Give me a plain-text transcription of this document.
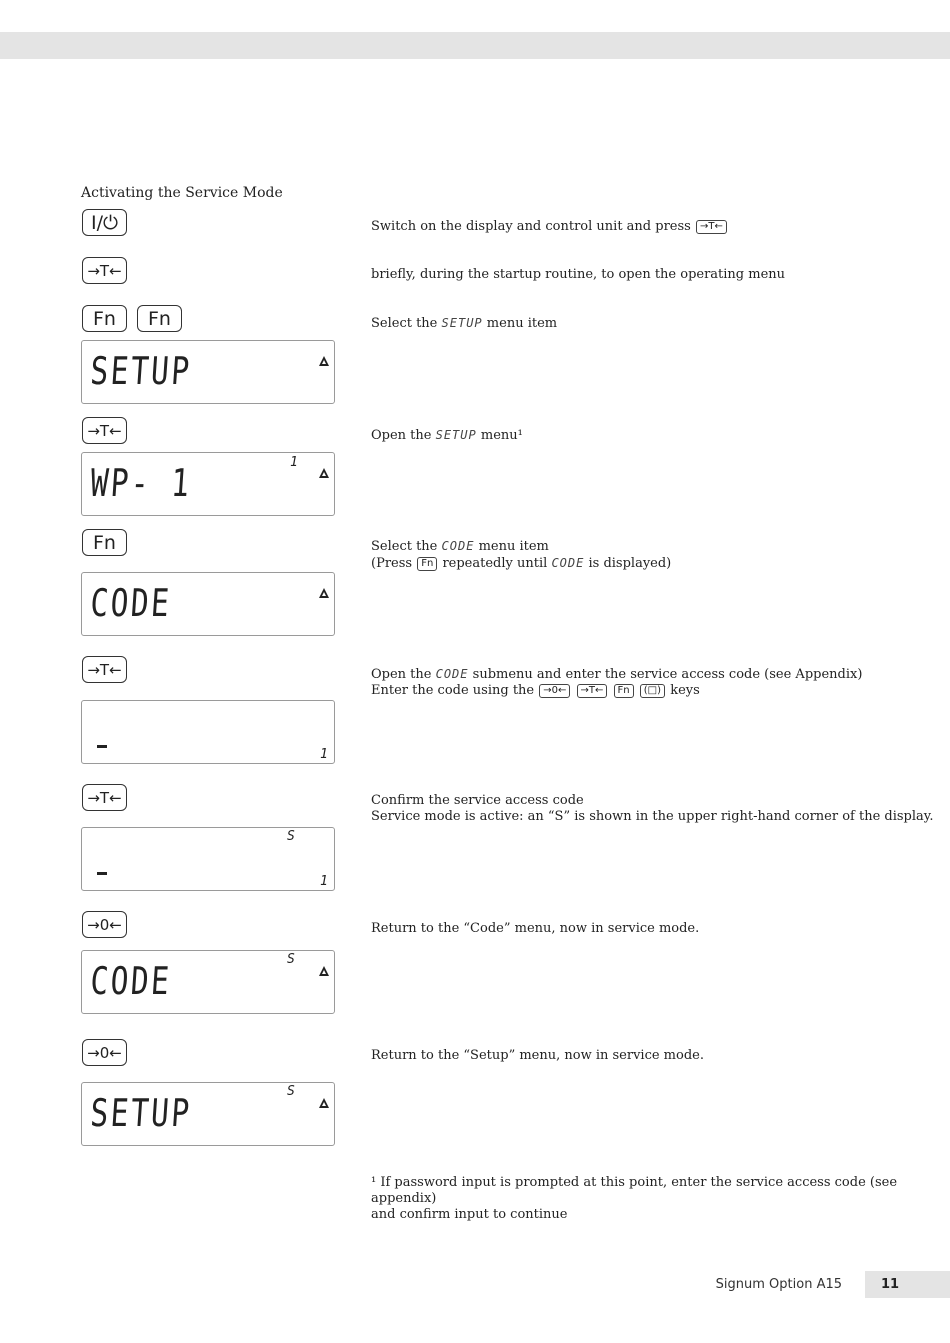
Activating the Service Mode
I/⏻	Switch on the display and control unit and press →T←
→T←	briefly, during the startup routine, to open the operating menu
Fn	Fn	Select the SETUP menu item
SETUP
→T←	Open the SETUP menu¹
WP- 1	1
Fn	Select the CODE menu item
(Press Fn repeatedly until CODE is displayed)
CODE
→T←	Open the CODE submenu and enter the service access code (see Appendix)
Enter the code using the →0← →T← Fn (□) keys
1
→T←	Confirm the service access code
Service mode is active: an “S” is shown in the upper right-hand corner of the display.
S
1
→0←	Return to the “Code” menu, now in service mode.
CODE	S
→0←	Return to the “Setup” menu, now in service mode.
SETUP	S
¹ If password input is prompted at this point, enter the service access code (see appendix)
and confirm input to continue
Signum Option A15	11
